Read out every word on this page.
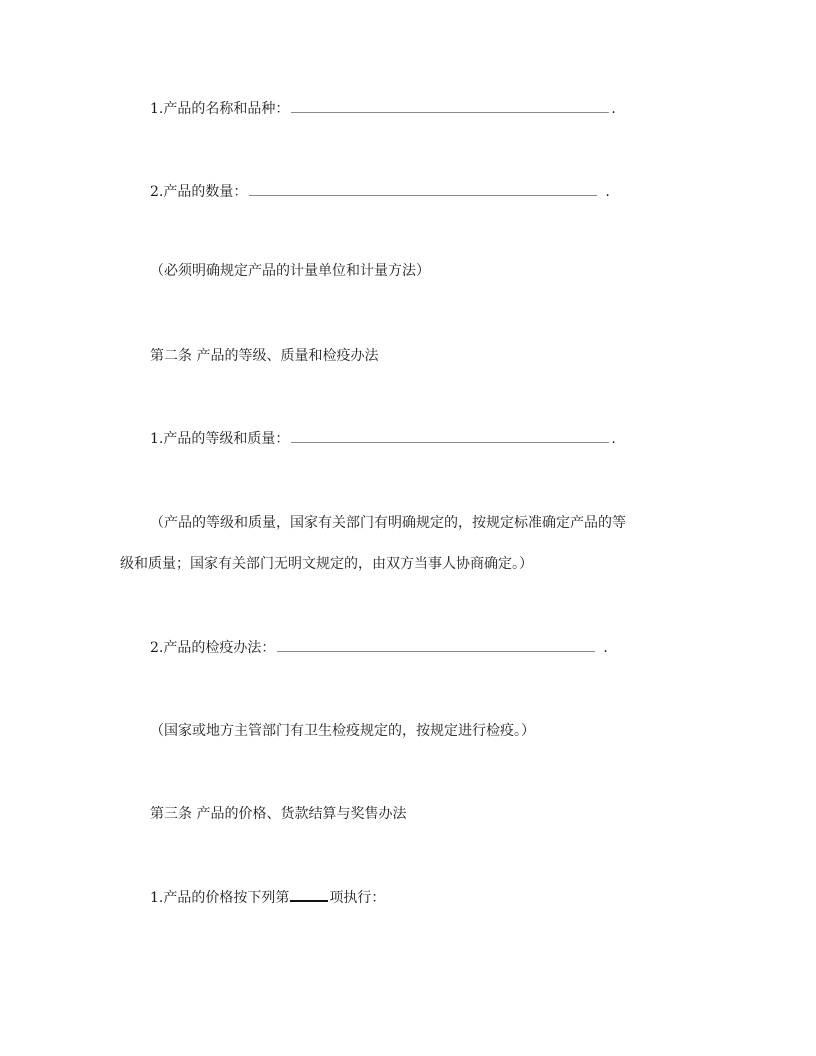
1.产品的名称和品种：	.
2.产品的数量：	.
（必须明确规定产品的计量单位和计量方法）
第二条 产品的等级、质量和检疫办法
1.产品的等级和质量：	.
（产品的等级和质量，国家有关部门有明确规定的，按规定标准确定产品的等
级和质量；国家有关部门无明文规定的，由双方当事人协商确定。）
2.产品的检疫办法：	.
（国家或地方主管部门有卫生检疫规定的，按规定进行检疫。）
第三条 产品的价格、货款结算与奖售办法
1.产品的价格按下列第	项执行：
